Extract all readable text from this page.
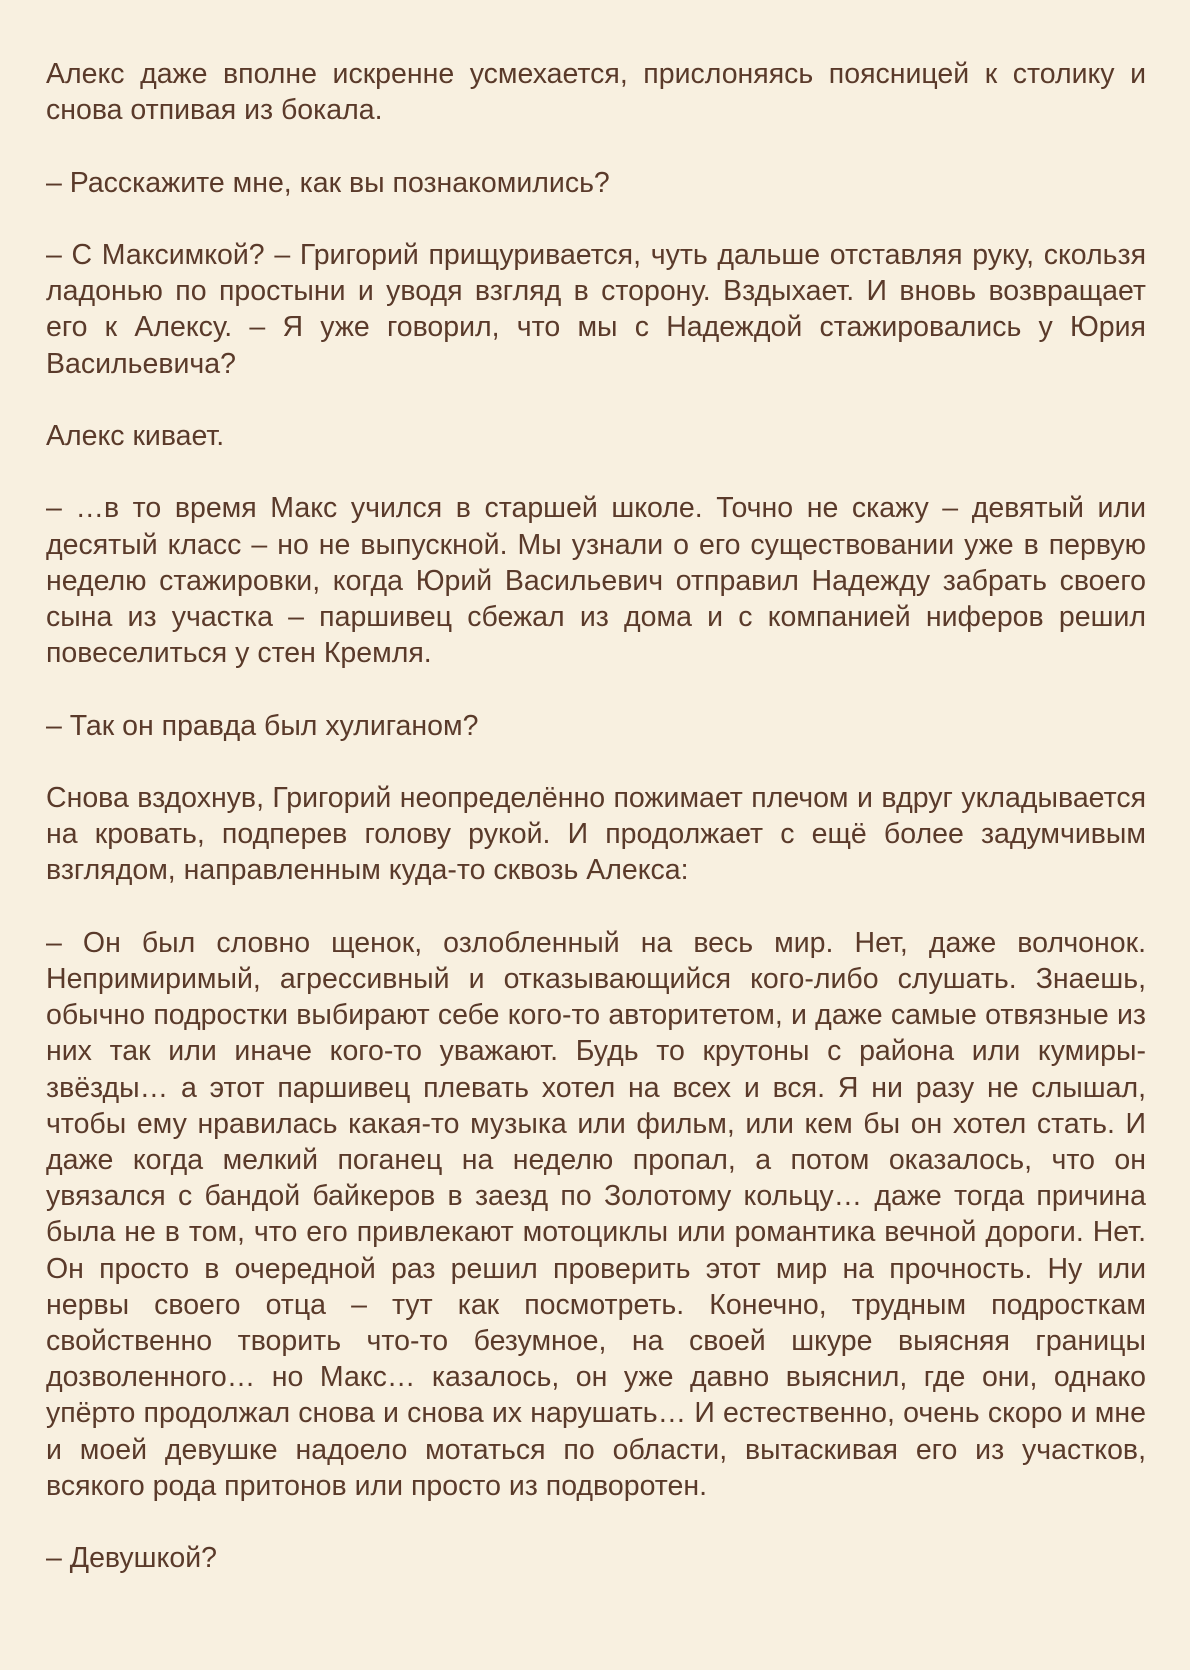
Алекс даже вполне искренне усмехается, прислоняясь поясницей к столику и снова отпивая из бокала.

– Расскажите мне, как вы познакомились?

– С Максимкой? – Григорий прищуривается, чуть дальше отставляя руку, скользя ладонью по простыни и уводя взгляд в сторону. Вздыхает. И вновь возвращает его к Алексу. – Я уже говорил, что мы с Надеждой стажировались у Юрия Васильевича?

Алекс кивает.

– …в то время Макс учился в старшей школе. Точно не скажу – девятый или десятый класс – но не выпускной. Мы узнали о его существовании уже в первую неделю стажировки, когда Юрий Васильевич отправил Надежду забрать своего сына из участка – паршивец сбежал из дома и с компанией ниферов решил повеселиться у стен Кремля.

– Так он правда был хулиганом?

Снова вздохнув, Григорий неопределённо пожимает плечом и вдруг укладывается на кровать, подперев голову рукой. И продолжает с ещё более задумчивым взглядом, направленным куда-то сквозь Алекса:

– Он был словно щенок, озлобленный на весь мир. Нет, даже волчонок. Непримиримый, агрессивный и отказывающийся кого-либо слушать. Знаешь, обычно подростки выбирают себе кого-то авторитетом, и даже самые отвязные из них так или иначе кого-то уважают. Будь то крутоны с района или кумиры-звёзды… а этот паршивец плевать хотел на всех и вся. Я ни разу не слышал, чтобы ему нравилась какая-то музыка или фильм, или кем бы он хотел стать. И даже когда мелкий поганец на неделю пропал, а потом оказалось, что он увязался с бандой байкеров в заезд по Золотому кольцу… даже тогда причина была не в том, что его привлекают мотоциклы или романтика вечной дороги. Нет. Он просто в очередной раз решил проверить этот мир на прочность. Ну или нервы своего отца – тут как посмотреть. Конечно, трудным подросткам свойственно творить что-то безумное, на своей шкуре выясняя границы дозволенного… но Макс… казалось, он уже давно выяснил, где они, однако упёрто продолжал снова и снова их нарушать… И естественно, очень скоро и мне и моей девушке надоело мотаться по области, вытаскивая его из участков, всякого рода притонов или просто из подворотен.

– Девушкой?
